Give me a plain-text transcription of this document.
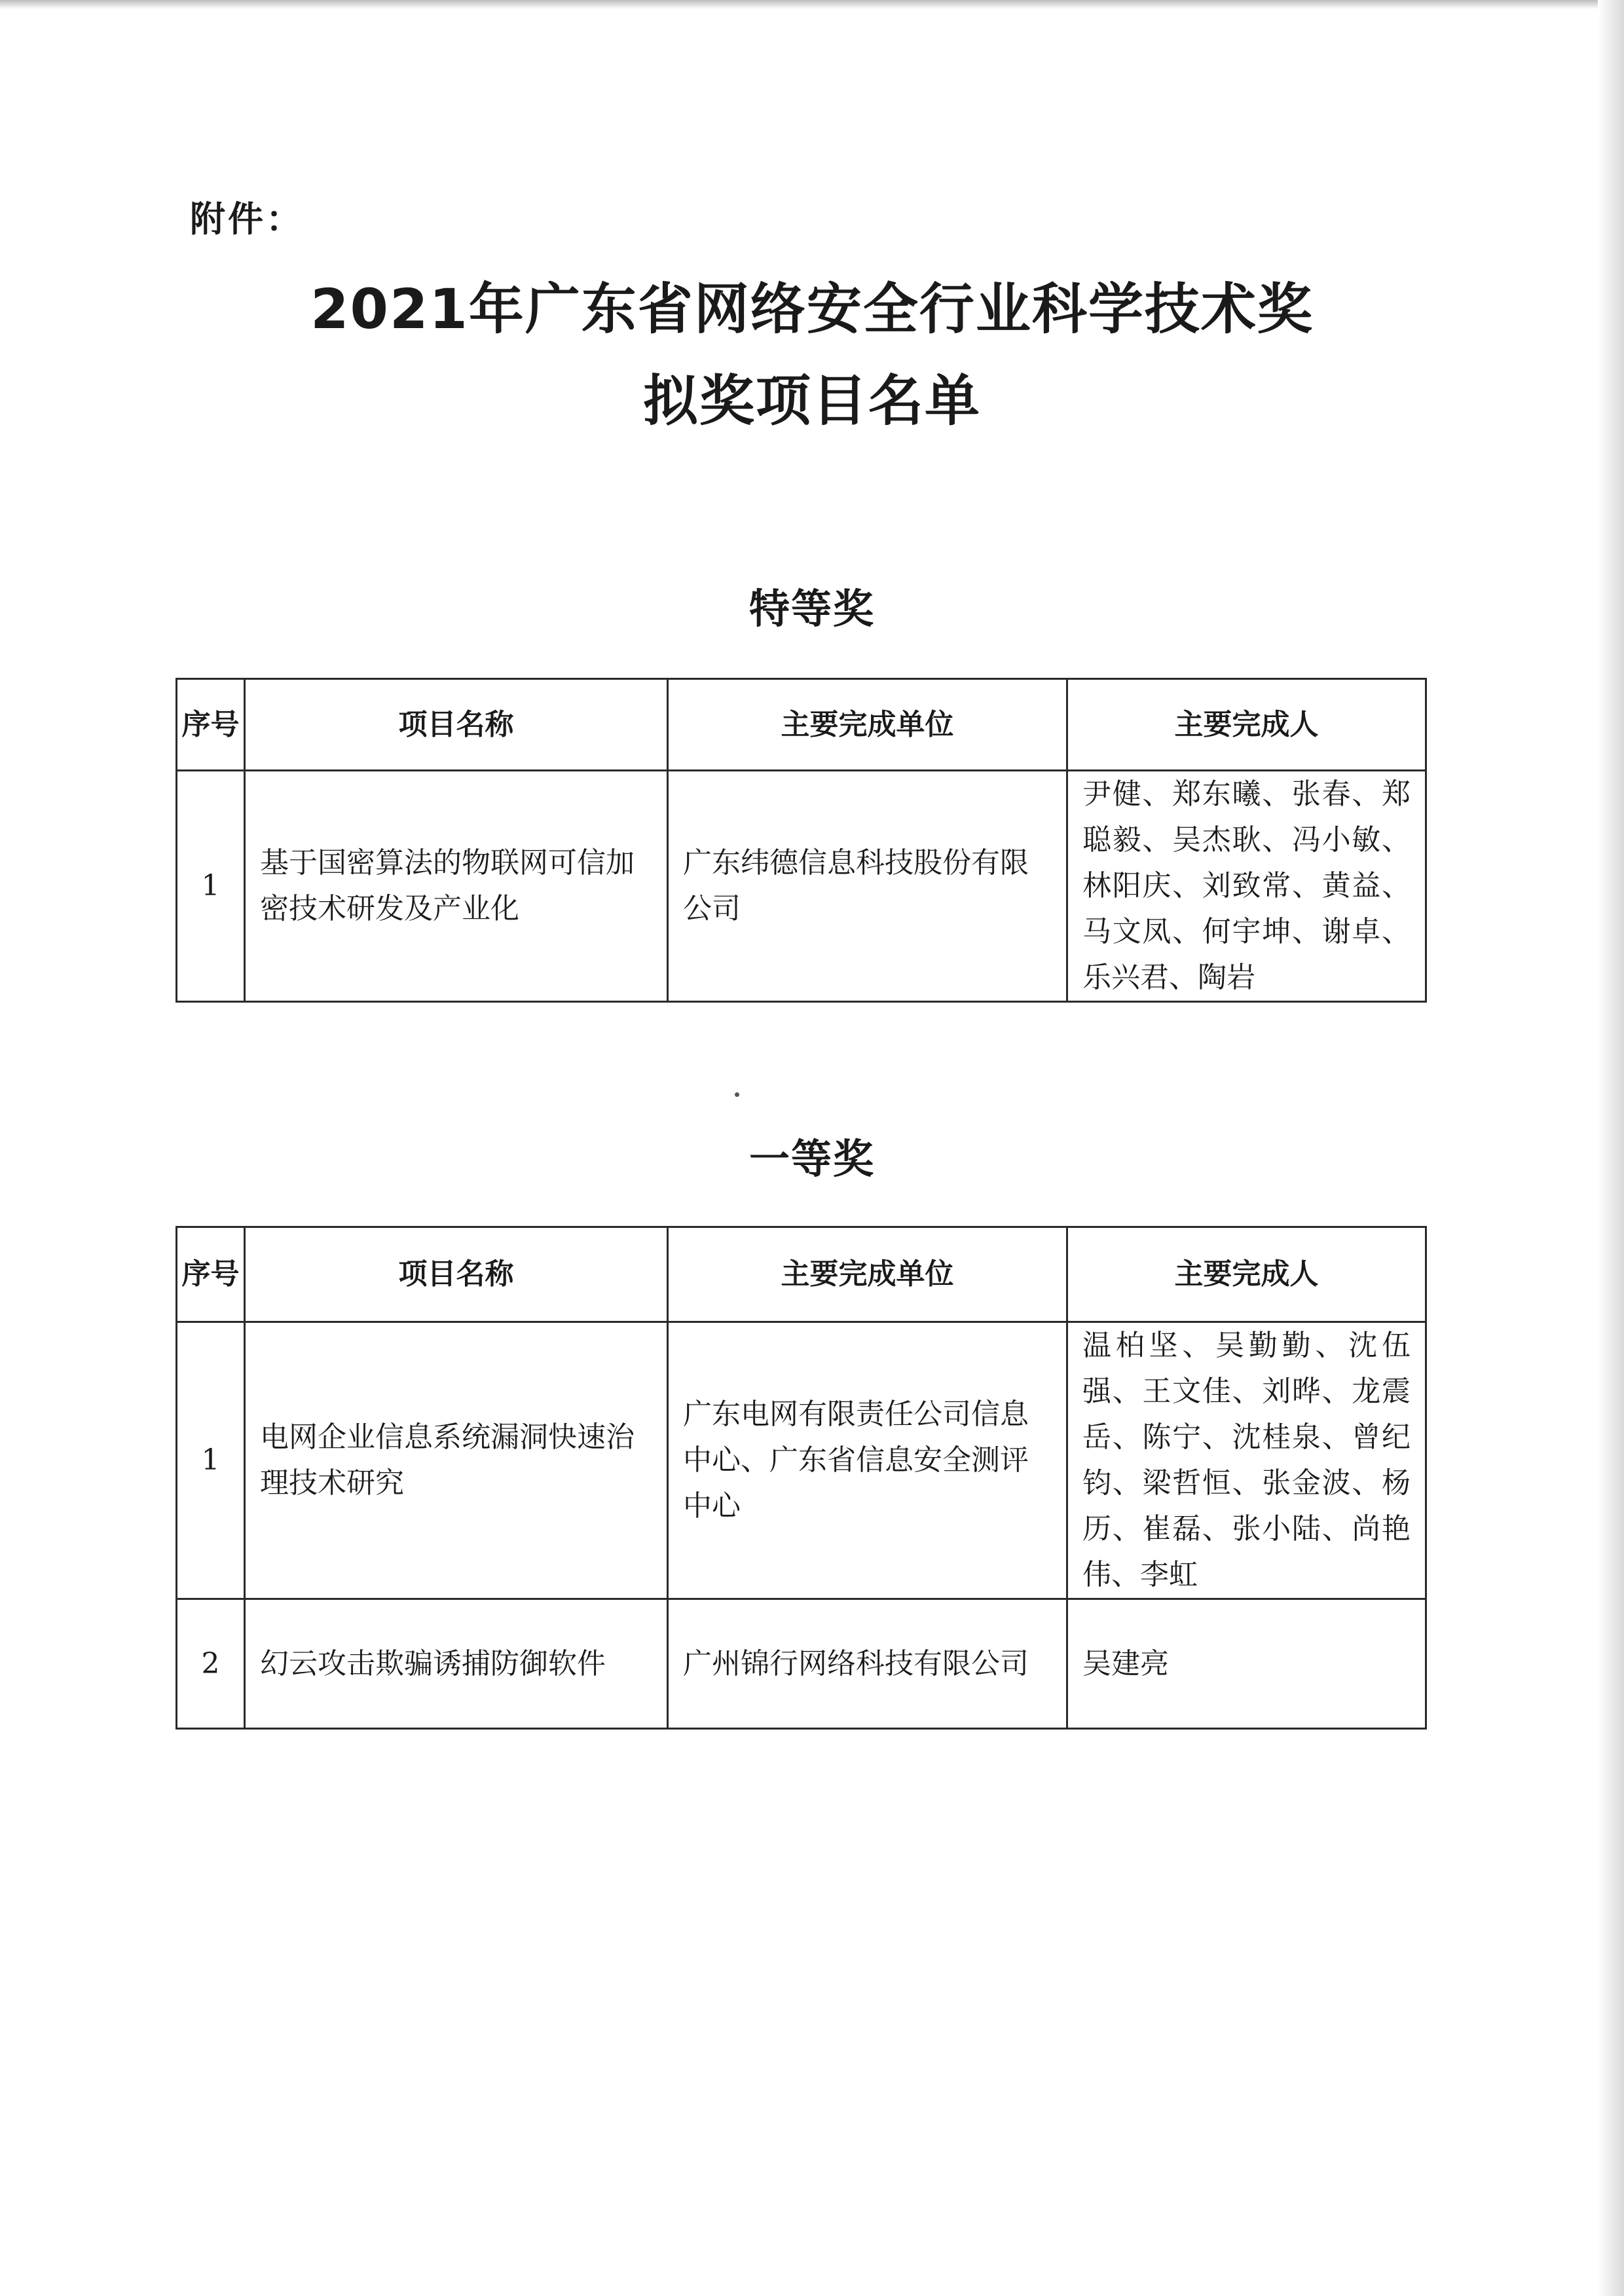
附件：
2021年广东省网络安全行业科学技术奖
拟奖项目名单
特等奖
序号	项目名称	主要完成单位	主要完成人
1	基于国密算法的物联网可信加密技术研发及产业化	广东纬德信息科技股份有限公司	尹健、郑东曦、张春、郑聪毅、吴杰耿、冯小敏、林阳庆、刘致常、黄益、马文凤、何宇坤、谢卓、乐兴君、陶岩
一等奖
序号	项目名称	主要完成单位	主要完成人
1	电网企业信息系统漏洞快速治理技术研究	广东电网有限责任公司信息中心、广东省信息安全测评中心	温柏坚、吴勤勤、沈伍强、王文佳、刘晔、龙震岳、陈宁、沈桂泉、曾纪钧、梁哲恒、张金波、杨历、崔磊、张小陆、尚艳伟、李虹
2	幻云攻击欺骗诱捕防御软件	广州锦行网络科技有限公司	吴建亮
